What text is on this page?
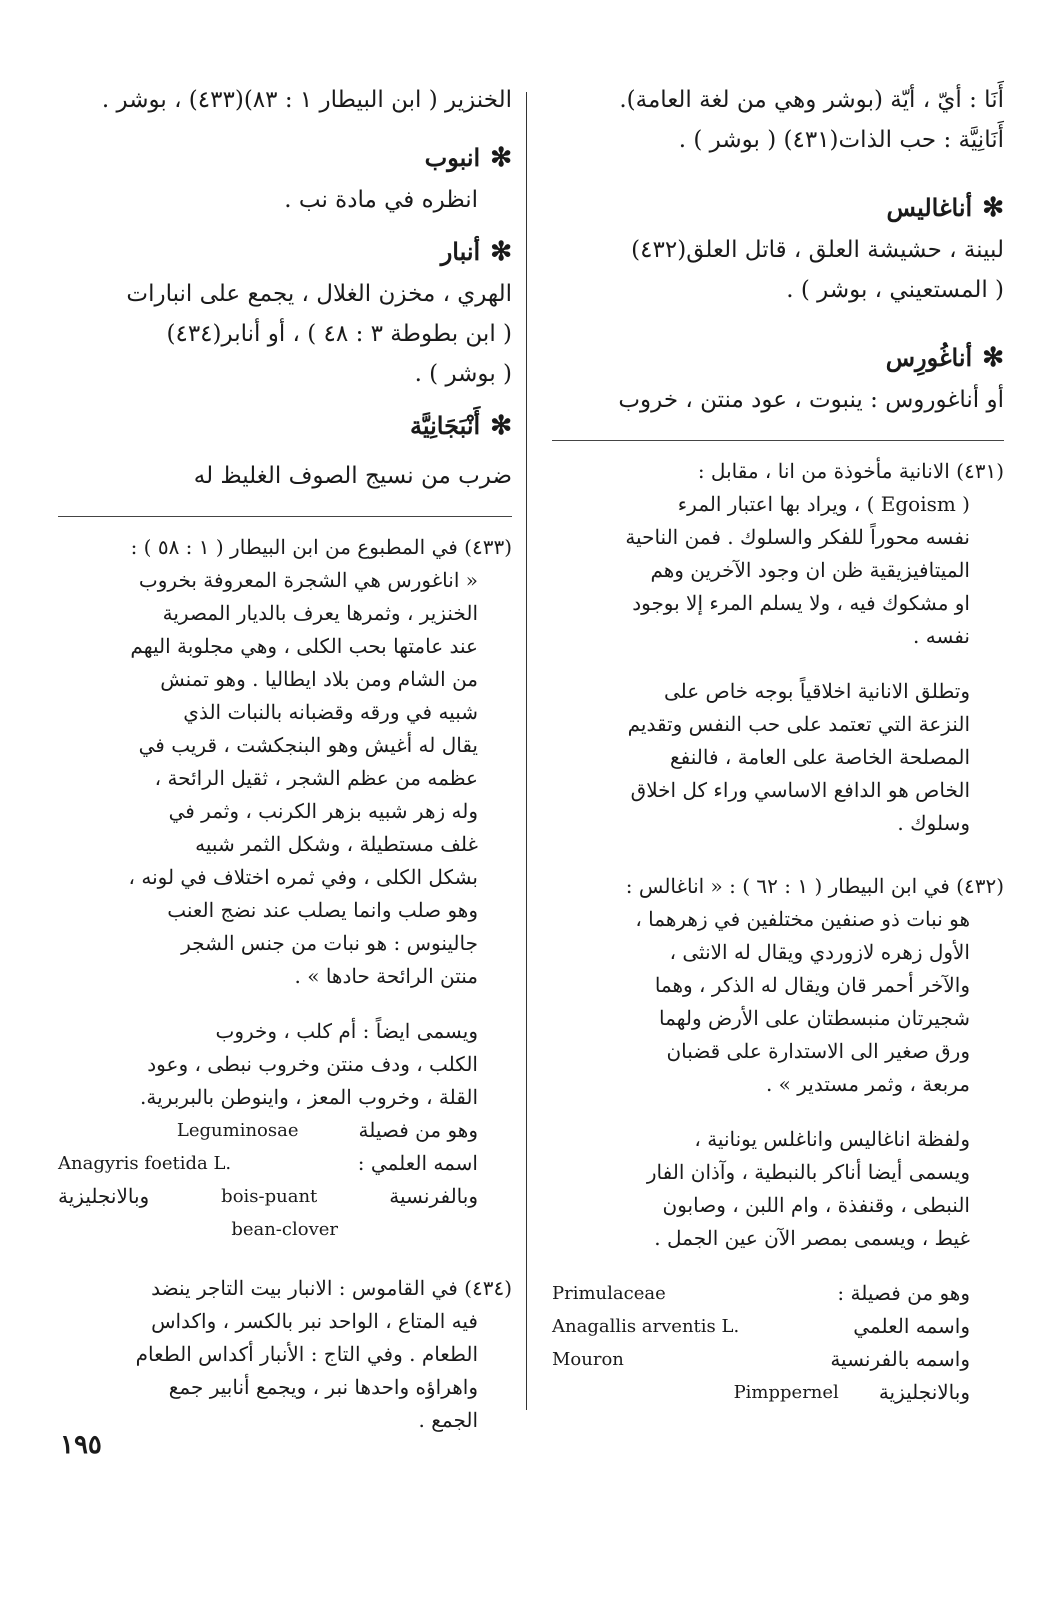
أَنَا : أيّ ، أيّة (بوشر وهي من لغة العامة).
أَنَانِيَّة : حب الذات(٤٣١) ( بوشر ) .
✻أناغاليس
لبينة ، حشيشة العلق ، قاتل العلق(٤٣٢)
( المستعيني ، بوشر ) .
✻أناغُورِس
أو أناغوروس : ينبوت ، عود منتن ، خروب
(٤٣١) الانانية مأخوذة من انا ، مقابل :
( Egoism ) ، ويراد بها اعتبار المرء
نفسه محوراً للفكر والسلوك . فمن الناحية
الميتافيزيقية ظن ان وجود الآخرين وهم
او مشكوك فيه ، ولا يسلم المرء إلا بوجود
نفسه .
وتطلق الانانية اخلاقياً بوجه خاص على
النزعة التي تعتمد على حب النفس وتقديم
المصلحة الخاصة على العامة ، فالنفع
الخاص هو الدافع الاساسي وراء كل اخلاق
وسلوك .
(٤٣٢) في ابن البيطار ( ١ : ٦٢ ) : « اناغالس :
هو نبات ذو صنفين مختلفين في زهرهما ،
الأول زهره لازوردي ويقال له الانثى ،
والآخر أحمر قان ويقال له الذكر ، وهما
شجيرتان منبسطتان على الأرض ولهما
ورق صغير الى الاستدارة على قضبان
مربعة ، وثمر مستدير » .
ولفظة اناغاليس واناغلس يونانية ،
ويسمى أيضا أناكر بالنبطية ، وآذان الفار
النبطى ، وقنفذة ، وام اللبن ، وصابون
غيط ، ويسمى بمصر الآن عين الجمل .
وهو من فصيلة :
Primulaceae
واسمه العلمي
Anagallis arventis L.
واسمه بالفرنسية
Mouron
وبالانجليزية
Pimppernel
الخنزير ( ابن البيطار ١ : ٨٣)(٤٣٣) ، بوشر .
✻انبوب
انظره في مادة نب .
✻أنبار
الهري ، مخزن الغلال ، يجمع على انبارات
( ابن بطوطة ٣ : ٤٨ ) ، أو أنابر(٤٣٤)
( بوشر ) .
✻أَنْبَجَانِيَّة
ضرب من نسيج الصوف الغليظ له
(٤٣٣) في المطبوع من ابن البيطار ( ١ : ٥٨ ) :
« اناغورس هي الشجرة المعروفة بخروب
الخنزير ، وثمرها يعرف بالديار المصرية
عند عامتها بحب الكلى ، وهي مجلوبة اليهم
من الشام ومن بلاد ايطاليا . وهو تمنش
شبيه في ورقه وقضبانه بالنبات الذي
يقال له أغيش وهو البنجكشت ، قريب في
عظمه من عظم الشجر ، ثقيل الرائحة ،
وله زهر شبيه بزهر الكرنب ، وثمر في
غلف مستطيلة ، وشكل الثمر شبيه
بشكل الكلى ، وفي ثمره اختلاف في لونه ،
وهو صلب وانما يصلب عند نضج العنب
جالينوس : هو نبات من جنس الشجر
منتن الرائحة حادها » .
ويسمى ايضاً : أم كلب ، وخروب
الكلب ، ودف منتن وخروب نبطى ، وعود
القلة ، وخروب المعز ، واينوطن بالبربرية.
وهو من فصيلة
Leguminosae
اسمه العلمي :
Anagyris foetida L.
وبالفرنسية
bois-puant
وبالانجليزية
bean-clover
(٤٣٤) في القاموس : الانبار بيت التاجر ينضد
فيه المتاع ، الواحد نبر بالكسر ، واكداس
الطعام . وفي التاج : الأنبار أكداس الطعام
واهراؤه واحدها نبر ، ويجمع أنابير جمع
الجمع .
١٩٥
